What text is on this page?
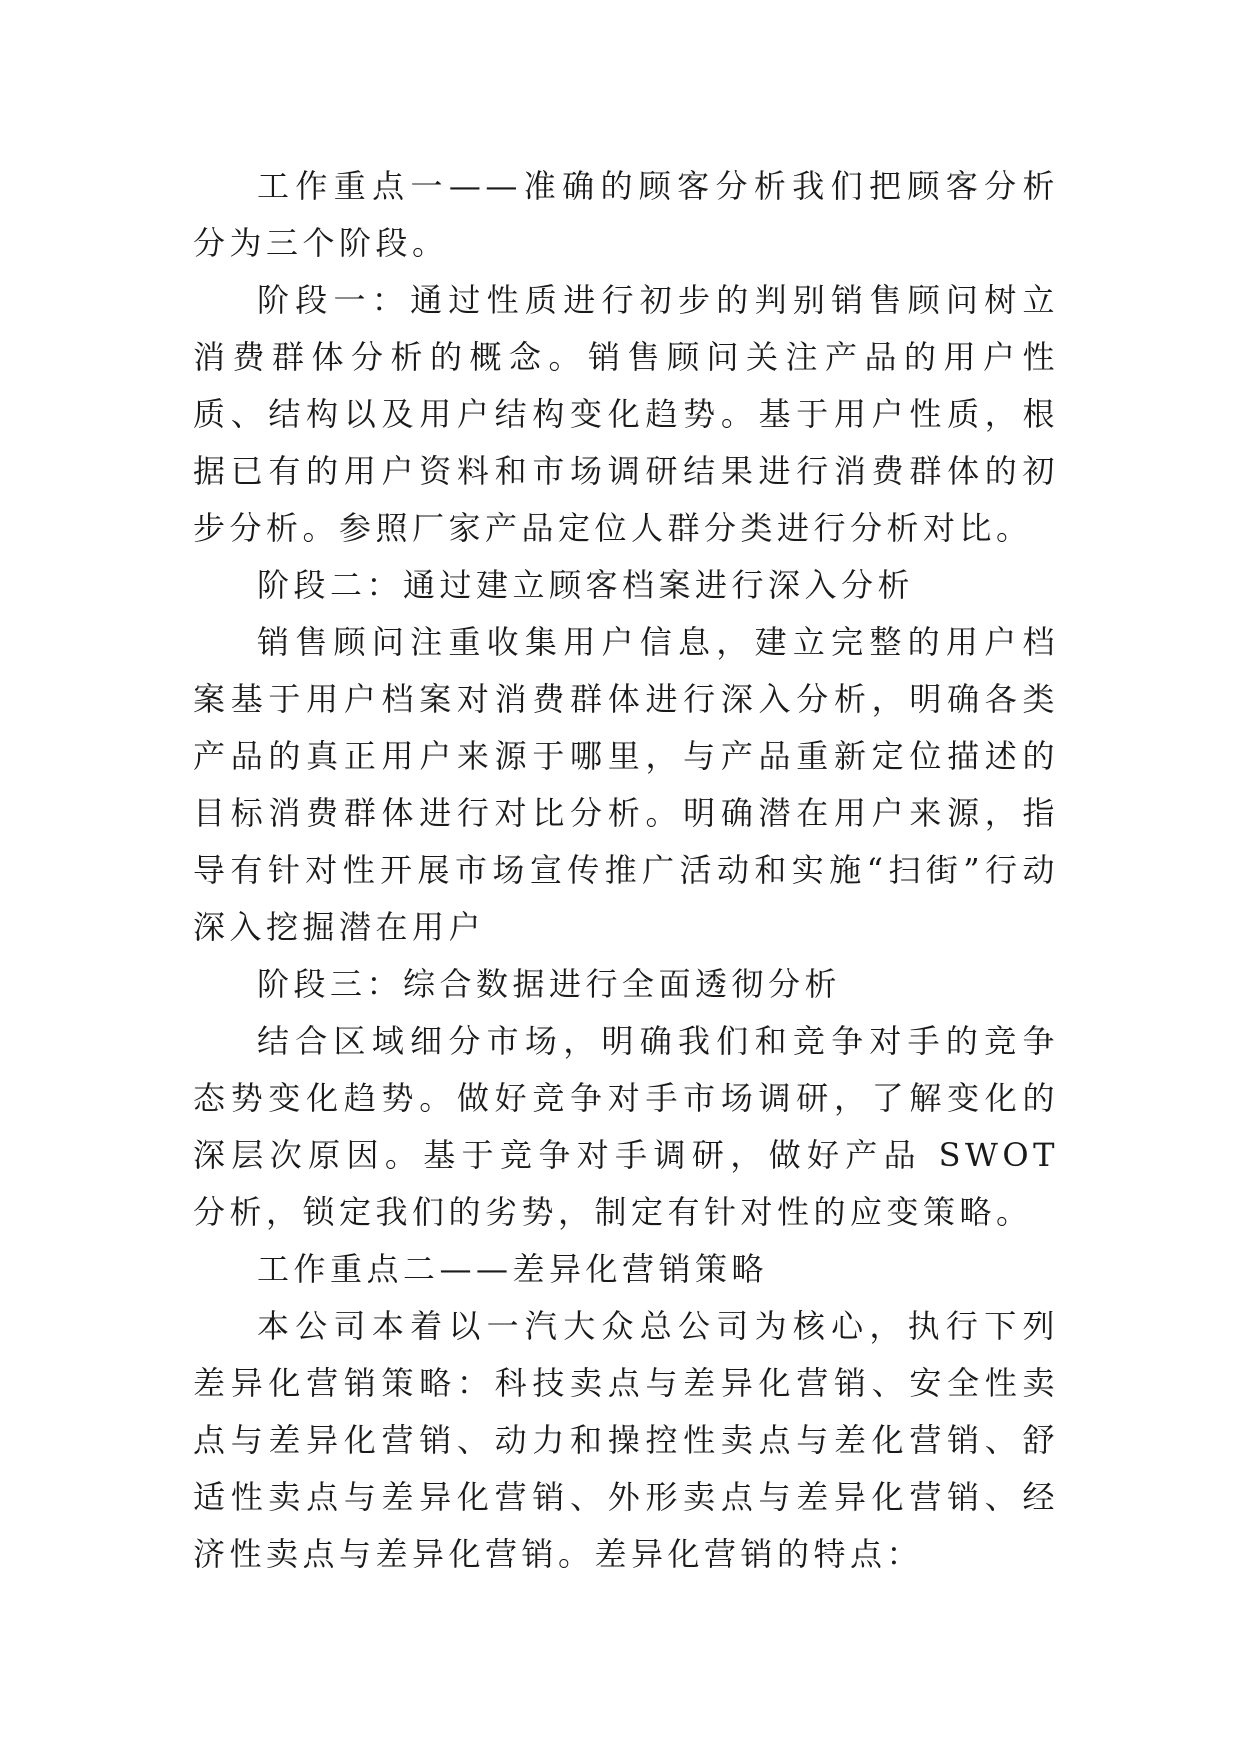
工作重点一——准确的顾客分析我们把顾客分析分为三个阶段。

阶段一：通过性质进行初步的判别销售顾问树立消费群体分析的概念。销售顾问关注产品的用户性质、结构以及用户结构变化趋势。基于用户性质，根据已有的用户资料和市场调研结果进行消费群体的初步分析。参照厂家产品定位人群分类进行分析对比。

阶段二：通过建立顾客档案进行深入分析

销售顾问注重收集用户信息，建立完整的用户档案基于用户档案对消费群体进行深入分析，明确各类产品的真正用户来源于哪里，与产品重新定位描述的目标消费群体进行对比分析。明确潜在用户来源，指导有针对性开展市场宣传推广活动和实施“扫街”行动深入挖掘潜在用户

阶段三：综合数据进行全面透彻分析

结合区域细分市场，明确我们和竞争对手的竞争态势变化趋势。做好竞争对手市场调研，了解变化的深层次原因。基于竞争对手调研，做好产品 SWOT 分析，锁定我们的劣势，制定有针对性的应变策略。

工作重点二——差异化营销策略

本公司本着以一汽大众总公司为核心，执行下列差异化营销策略：科技卖点与差异化营销、安全性卖点与差异化营销、动力和操控性卖点与差化营销、舒适性卖点与差异化营销、外形卖点与差异化营销、经济性卖点与差异化营销。差异化营销的特点：
